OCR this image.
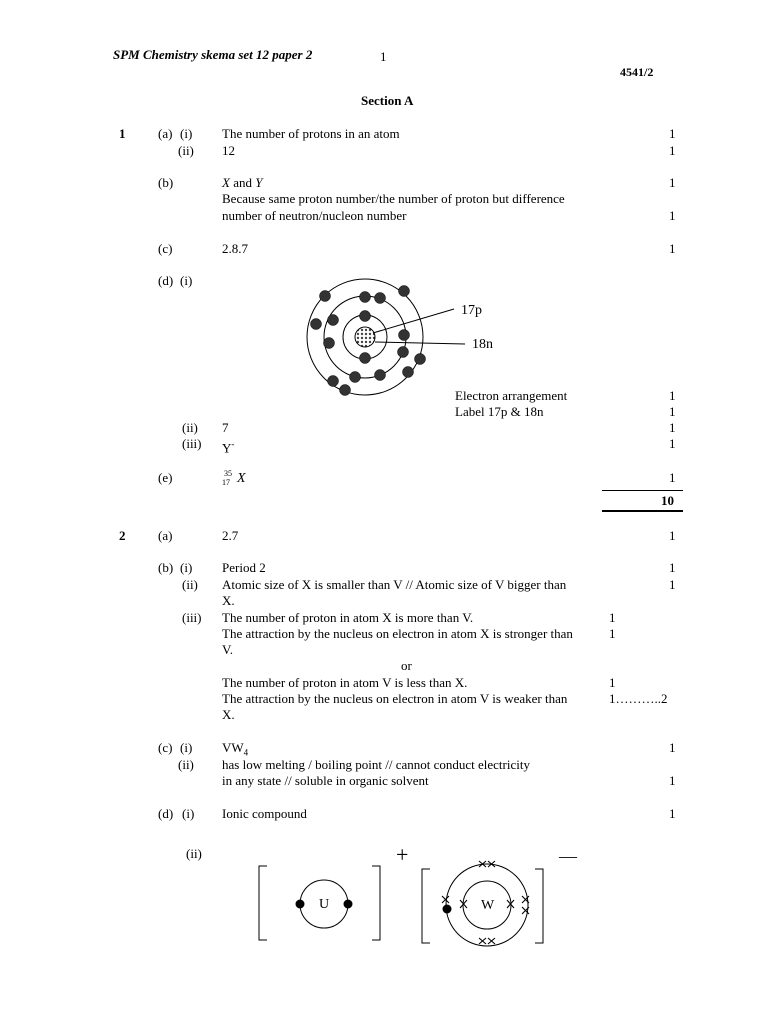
SPM Chemistry skema set 12 paper 2	1
4541/2
Section A
1	(a) (i) The number of protons in an atom	1
(ii) 12	1
(b)	X and Y	1
Because same proton number/the number of proton but difference
number of neutron/nucleon number	1
(c)	2.8.7	1
(d) (i)
17p
18n
Electron arrangement	1
Label 17p & 18n	1
(ii) 7	1
(iii) Y-	1
(e)	35
17 X	1
10
2	(a)	2.7	1
(b) (i) Period 2	1
(ii) Atomic size of X is smaller than V // Atomic size of V bigger than	1
X.
(iii) The number of proton in atom X is more than V.	1
The attraction by the nucleus on electron in atom X is stronger than	1
V.
or
The number of proton in atom V is less than X.	1
The attraction by the nucleus on electron in atom V is weaker than	1………..2
X.
(c) (i) $VW_4$	1
(ii) has low melting / boiling point // cannot conduct electricity
in any state // soluble in organic solvent	1
(d) (i) Ionic compound	1
(ii)
U	W
+	—
